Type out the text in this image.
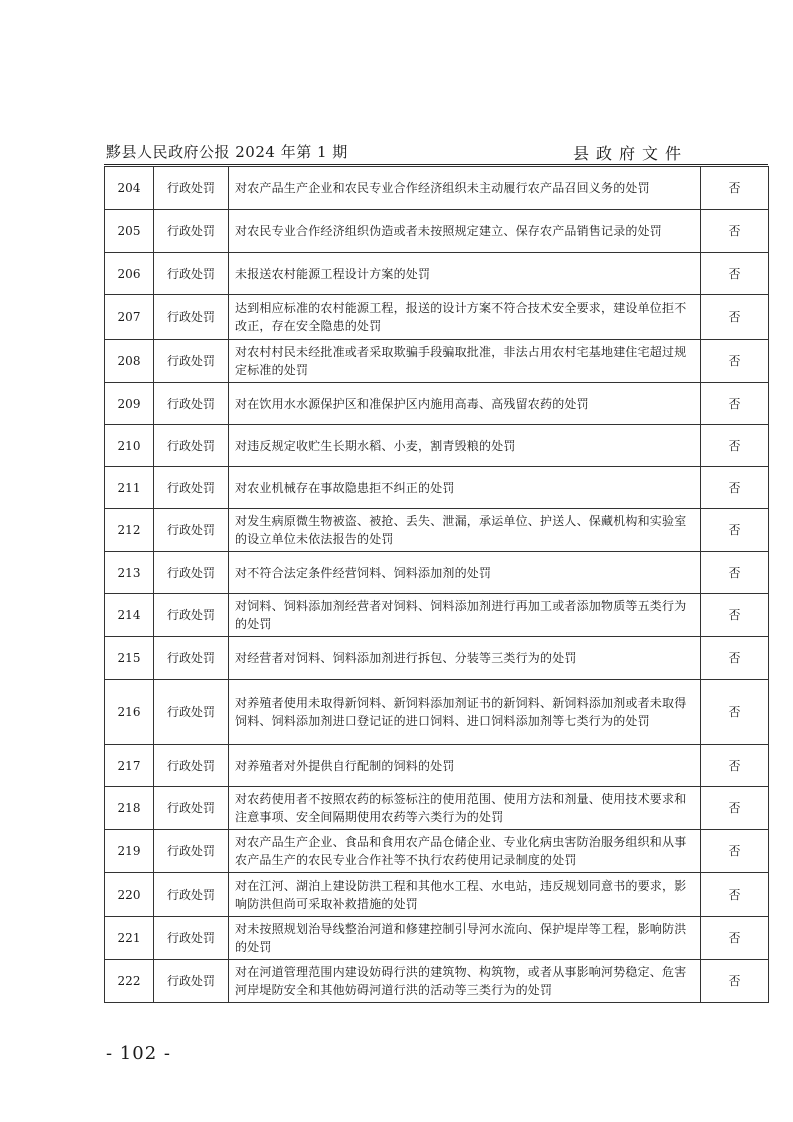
黟县人民政府公报 2024 年第 1 期	县政府文件
204	行政处罚	对农产品生产企业和农民专业合作经济组织未主动履行农产品召回义务的处罚	否
205	行政处罚	对农民专业合作经济组织伪造或者未按照规定建立、保存农产品销售记录的处罚	否
206	行政处罚	未报送农村能源工程设计方案的处罚	否
207	行政处罚	达到相应标准的农村能源工程，报送的设计方案不符合技术安全要求，建设单位拒不改正，存在安全隐患的处罚	否
208	行政处罚	对农村村民未经批准或者采取欺骗手段骗取批准，非法占用农村宅基地建住宅超过规定标准的处罚	否
209	行政处罚	对在饮用水水源保护区和准保护区内施用高毒、高残留农药的处罚	否
210	行政处罚	对违反规定收贮生长期水稻、小麦，割青毁粮的处罚	否
211	行政处罚	对农业机械存在事故隐患拒不纠正的处罚	否
212	行政处罚	对发生病原微生物被盗、被抢、丢失、泄漏，承运单位、护送人、保藏机构和实验室的设立单位未依法报告的处罚	否
213	行政处罚	对不符合法定条件经营饲料、饲料添加剂的处罚	否
214	行政处罚	对饲料、饲料添加剂经营者对饲料、饲料添加剂进行再加工或者添加物质等五类行为的处罚	否
215	行政处罚	对经营者对饲料、饲料添加剂进行拆包、分装等三类行为的处罚	否
216	行政处罚	对养殖者使用未取得新饲料、新饲料添加剂证书的新饲料、新饲料添加剂或者未取得饲料、饲料添加剂进口登记证的进口饲料、进口饲料添加剂等七类行为的处罚	否
217	行政处罚	对养殖者对外提供自行配制的饲料的处罚	否
218	行政处罚	对农药使用者不按照农药的标签标注的使用范围、使用方法和剂量、使用技术要求和注意事项、安全间隔期使用农药等六类行为的处罚	否
219	行政处罚	对农产品生产企业、食品和食用农产品仓储企业、专业化病虫害防治服务组织和从事农产品生产的农民专业合作社等不执行农药使用记录制度的处罚	否
220	行政处罚	对在江河、湖泊上建设防洪工程和其他水工程、水电站，违反规划同意书的要求，影响防洪但尚可采取补救措施的处罚	否
221	行政处罚	对未按照规划治导线整治河道和修建控制引导河水流向、保护堤岸等工程，影响防洪的处罚	否
222	行政处罚	对在河道管理范围内建设妨碍行洪的建筑物、构筑物，或者从事影响河势稳定、危害河岸堤防安全和其他妨碍河道行洪的活动等三类行为的处罚	否
- 102 -
